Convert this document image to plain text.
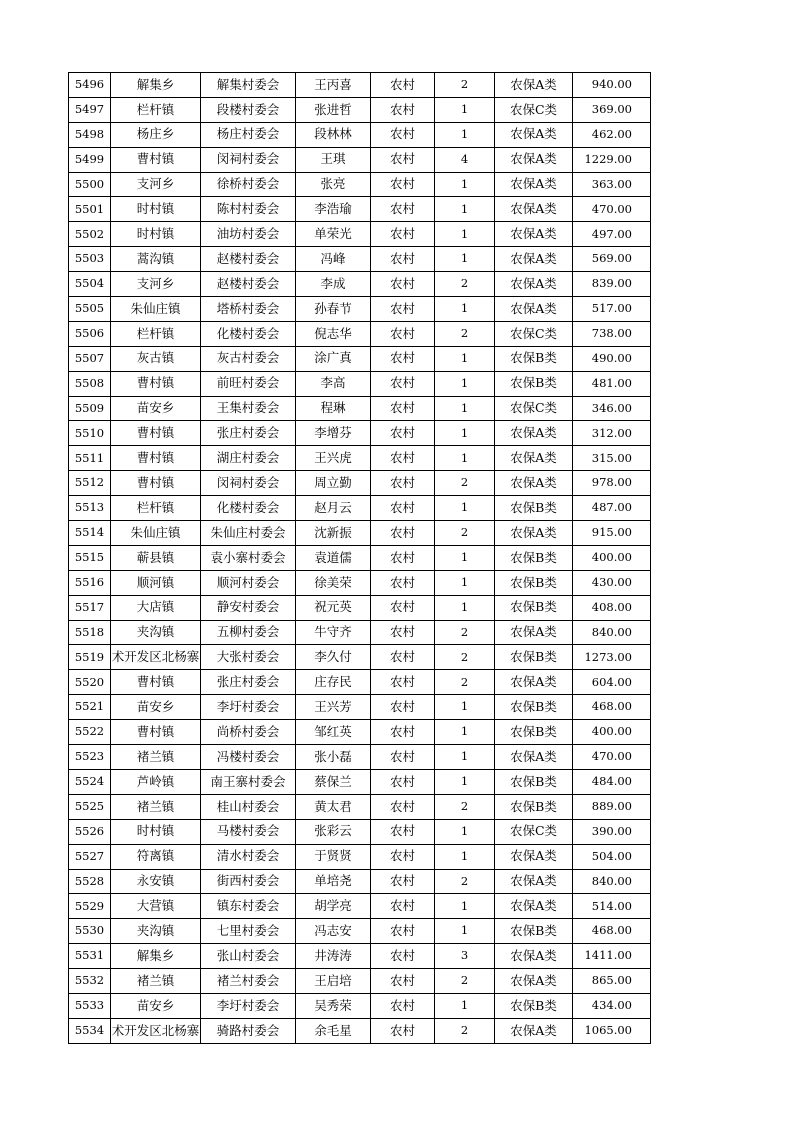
5496	解集乡	解集村委会	王丙喜	农村	2	农保A类	940.00
5497	栏杆镇	段楼村委会	张进哲	农村	1	农保C类	369.00
5498	杨庄乡	杨庄村委会	段林林	农村	1	农保A类	462.00
5499	曹村镇	闵祠村委会	王琪	农村	4	农保A类	1229.00
5500	支河乡	徐桥村委会	张亮	农村	1	农保A类	363.00
5501	时村镇	陈村村委会	李浩瑜	农村	1	农保A类	470.00
5502	时村镇	油坊村委会	单荣光	农村	1	农保A类	497.00
5503	蒿沟镇	赵楼村委会	冯峰	农村	1	农保A类	569.00
5504	支河乡	赵楼村委会	李成	农村	2	农保A类	839.00
5505	朱仙庄镇	塔桥村委会	孙春节	农村	1	农保A类	517.00
5506	栏杆镇	化楼村委会	倪志华	农村	2	农保C类	738.00
5507	灰古镇	灰古村委会	涂广真	农村	1	农保B类	490.00
5508	曹村镇	前旺村委会	李高	农村	1	农保B类	481.00
5509	苗安乡	王集村委会	程琳	农村	1	农保C类	346.00
5510	曹村镇	张庄村委会	李增芬	农村	1	农保A类	312.00
5511	曹村镇	湖庄村委会	王兴虎	农村	1	农保A类	315.00
5512	曹村镇	闵祠村委会	周立勤	农村	2	农保A类	978.00
5513	栏杆镇	化楼村委会	赵月云	农村	1	农保B类	487.00
5514	朱仙庄镇	朱仙庄村委会	沈新振	农村	2	农保A类	915.00
5515	蕲县镇	袁小寨村委会	袁道儒	农村	1	农保B类	400.00
5516	顺河镇	顺河村委会	徐美荣	农村	1	农保B类	430.00
5517	大店镇	静安村委会	祝元英	农村	1	农保B类	408.00
5518	夹沟镇	五柳村委会	牛守齐	农村	2	农保A类	840.00
5519	术开发区北杨寨	大张村委会	李久付	农村	2	农保B类	1273.00
5520	曹村镇	张庄村委会	庄存民	农村	2	农保A类	604.00
5521	苗安乡	李圩村委会	王兴芳	农村	1	农保B类	468.00
5522	曹村镇	尚桥村委会	邹红英	农村	1	农保B类	400.00
5523	褚兰镇	冯楼村委会	张小磊	农村	1	农保A类	470.00
5524	芦岭镇	南王寨村委会	蔡保兰	农村	1	农保B类	484.00
5525	褚兰镇	桂山村委会	黄太君	农村	2	农保B类	889.00
5526	时村镇	马楼村委会	张彩云	农村	1	农保C类	390.00
5527	符离镇	清水村委会	于贤贤	农村	1	农保A类	504.00
5528	永安镇	街西村委会	单培尧	农村	2	农保A类	840.00
5529	大营镇	镇东村委会	胡学亮	农村	1	农保A类	514.00
5530	夹沟镇	七里村委会	冯志安	农村	1	农保B类	468.00
5531	解集乡	张山村委会	井涛涛	农村	3	农保A类	1411.00
5532	褚兰镇	褚兰村委会	王启培	农村	2	农保A类	865.00
5533	苗安乡	李圩村委会	吴秀荣	农村	1	农保B类	434.00
5534	术开发区北杨寨	骑路村委会	余毛星	农村	2	农保A类	1065.00
